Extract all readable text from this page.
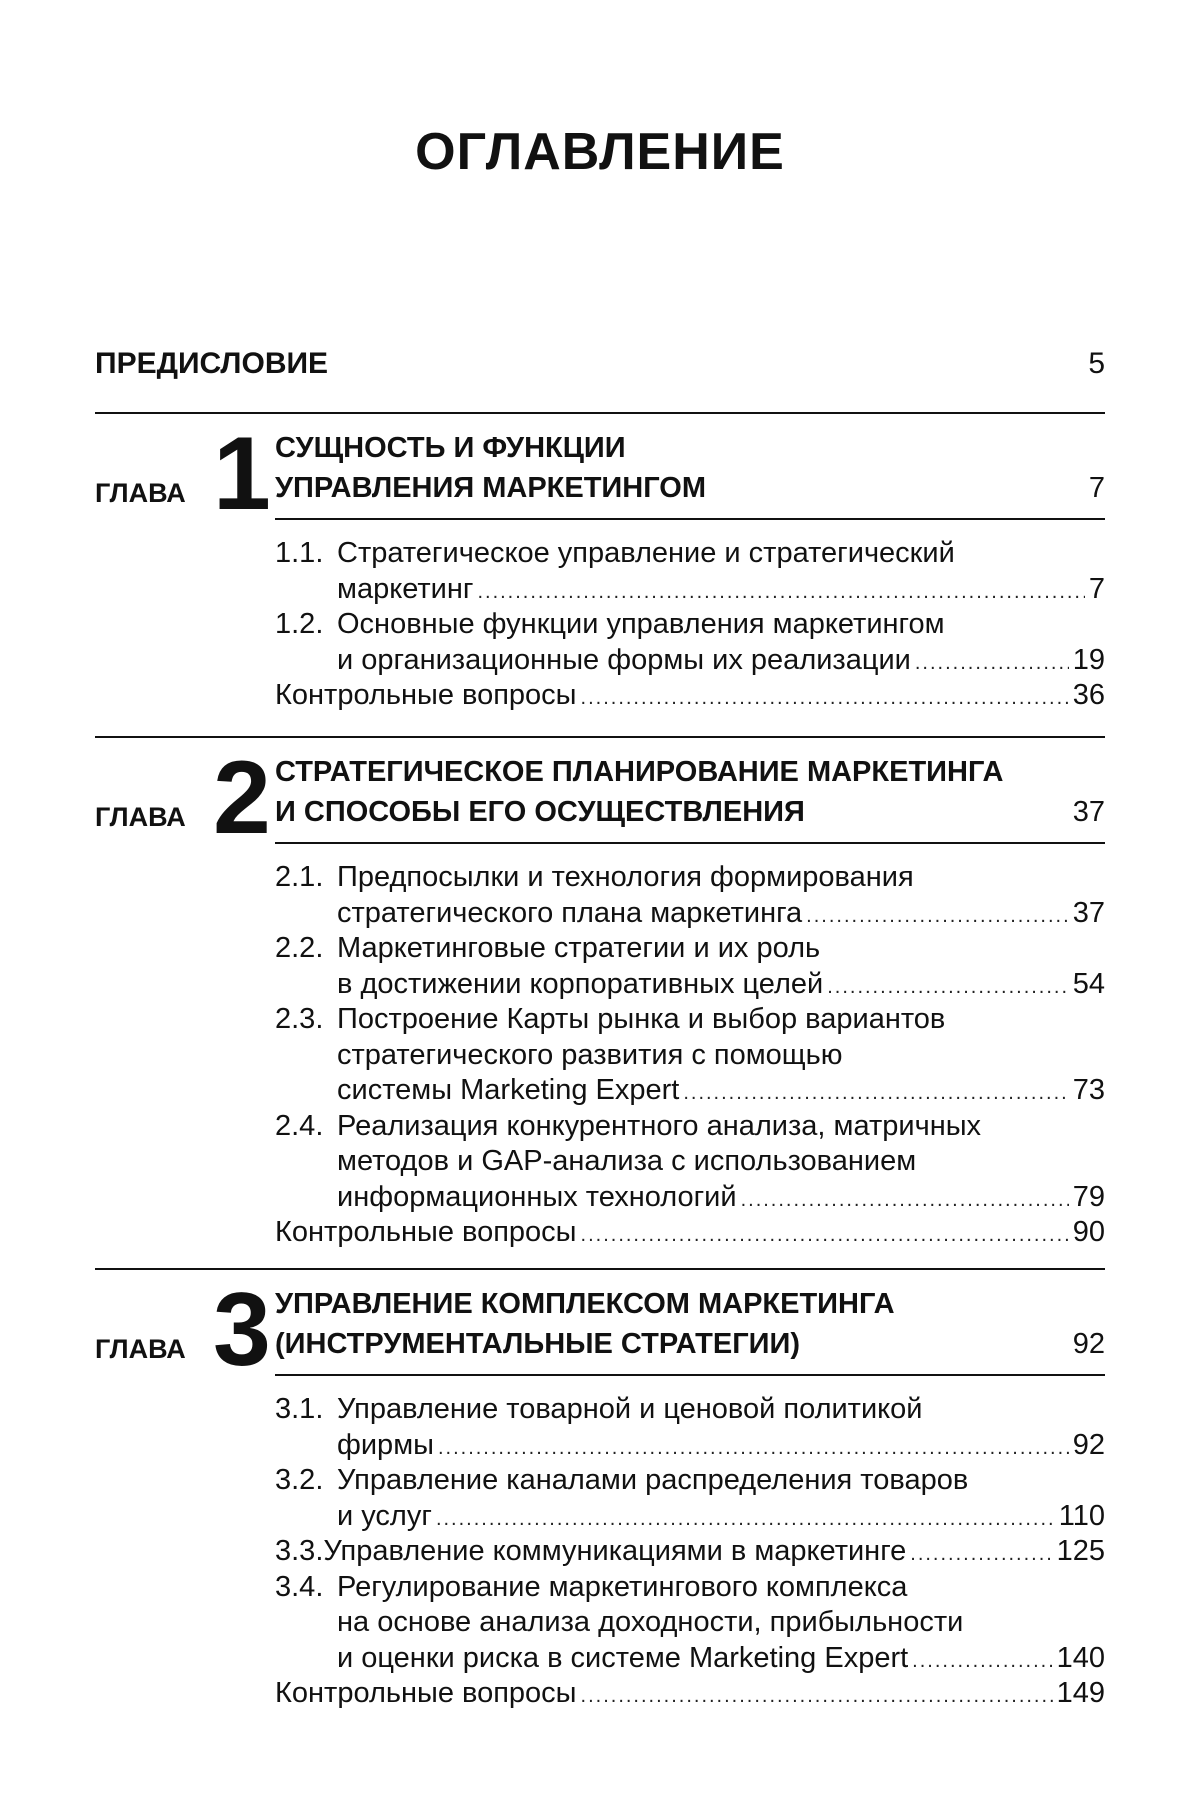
ОГЛАВЛЕНИЕ
ПРЕДИСЛОВИЕ	5
ГЛАВА 1 СУЩНОСТЬ И ФУНКЦИИ
УПРАВЛЕНИЯ МАРКЕТИНГОМ	7
1.1. Стратегическое управление и стратегический
маркетинг .....	7
1.2. Основные функции управления маркетингом
и организационные формы их реализации .....	19
Контрольные вопросы .....	36
ГЛАВА 2 СТРАТЕГИЧЕСКОЕ ПЛАНИРОВАНИЕ МАРКЕТИНГА
И СПОСОБЫ ЕГО ОСУЩЕСТВЛЕНИЯ	37
2.1. Предпосылки и технология формирования
стратегического плана маркетинга .....	37
2.2. Маркетинговые стратегии и их роль
в достижении корпоративных целей .....	54
2.3. Построение Карты рынка и выбор вариантов
стратегического развития с помощью
системы Marketing Expert .....	73
2.4. Реализация конкурентного анализа, матричных
методов и GAP-анализа с использованием
информационных технологий .....	79
Контрольные вопросы .....	90
ГЛАВА 3 УПРАВЛЕНИЕ КОМПЛЕКСОМ МАРКЕТИНГА
(ИНСТРУМЕНТАЛЬНЫЕ СТРАТЕГИИ)	92
3.1. Управление товарной и ценовой политикой
фирмы .....	92
3.2. Управление каналами распределения товаров
и услуг .....	110
3.3. Управление коммуникациями в маркетинге .....	125
3.4. Регулирование маркетингового комплекса
на основе анализа доходности, прибыльности
и оценки риска в системе Marketing Expert .....	140
Контрольные вопросы .....	149
